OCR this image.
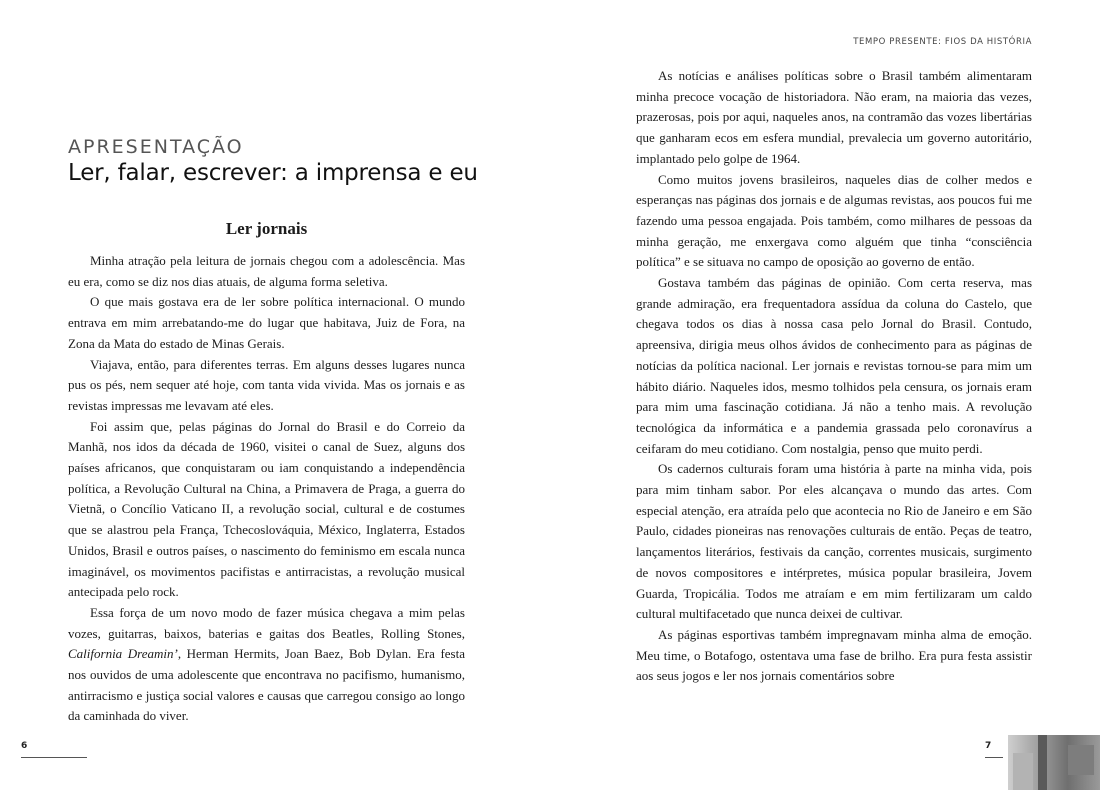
APRESENTAÇÃO
Ler, falar, escrever: a imprensa e eu
Ler jornais

Minha atração pela leitura de jornais chegou com a adolescência. Mas eu era, como se diz nos dias atuais, de alguma forma seletiva.

O que mais gostava era de ler sobre política internacional. O mundo entrava em mim arrebatando-me do lugar que habitava, Juiz de Fora, na Zona da Mata do estado de Minas Gerais.

Viajava, então, para diferentes terras. Em alguns desses lugares nunca pus os pés, nem sequer até hoje, com tanta vida vivida. Mas os jornais e as revistas impressas me levavam até eles.

Foi assim que, pelas páginas do Jornal do Brasil e do Correio da Manhã, nos idos da década de 1960, visitei o canal de Suez, alguns dos países africanos, que conquistaram ou iam conquistando a independência política, a Revolução Cultural na China, a Primavera de Praga, a guerra do Vietnã, o Concílio Vaticano II, a revolução social, cultural e de costumes que se alastrou pela França, Tchecoslováquia, México, Inglaterra, Estados Unidos, Brasil e outros países, o nascimento do feminismo em escala nunca imaginável, os movimentos pacifistas e antirracistas, a revolução musical antecipada pelo rock.

Essa força de um novo modo de fazer música chegava a mim pelas vozes, guitarras, baixos, baterias e gaitas dos Beatles, Rolling Stones, California Dreamin’, Herman Hermits, Joan Baez, Bob Dylan. Era festa nos ouvidos de uma adolescente que encontrava no pacifismo, humanismo, antirracismo e justiça social valores e causas que carregou consigo ao longo da caminhada do viver.

6
TEMPO PRESENTE: FIOS DA HISTÓRIA

As notícias e análises políticas sobre o Brasil também alimentaram minha precoce vocação de historiadora. Não eram, na maioria das vezes, prazerosas, pois por aqui, naqueles anos, na contramão das vozes libertárias que ganharam ecos em esfera mundial, prevalecia um governo autoritário, implantado pelo golpe de 1964.

Como muitos jovens brasileiros, naqueles dias de colher medos e esperanças nas páginas dos jornais e de algumas revistas, aos poucos fui me fazendo uma pessoa engajada. Pois também, como milhares de pessoas da minha geração, me enxergava como alguém que tinha “consciência política” e se situava no campo de oposição ao governo de então.

Gostava também das páginas de opinião. Com certa reserva, mas grande admiração, era frequentadora assídua da coluna do Castelo, que chegava todos os dias à nossa casa pelo Jornal do Brasil. Contudo, apreensiva, dirigia meus olhos ávidos de conhecimento para as páginas de notícias da política nacional. Ler jornais e revistas tornou-se para mim um hábito diário. Naqueles idos, mesmo tolhidos pela censura, os jornais eram para mim uma fascinação cotidiana. Já não a tenho mais. A revolução tecnológica da informática e a pandemia grassada pelo coronavírus a ceifaram do meu cotidiano. Com nostalgia, penso que muito perdi.

Os cadernos culturais foram uma história à parte na minha vida, pois para mim tinham sabor. Por eles alcançava o mundo das artes. Com especial atenção, era atraída pelo que acontecia no Rio de Janeiro e em São Paulo, cidades pioneiras nas renovações culturais de então. Peças de teatro, lançamentos literários, festivais da canção, correntes musicais, surgimento de novos compositores e intérpretes, música popular brasileira, Jovem Guarda, Tropicália. Todos me atraíam e em mim fertilizaram um caldo cultural multifacetado que nunca deixei de cultivar.

As páginas esportivas também impregnavam minha alma de emoção. Meu time, o Botafogo, ostentava uma fase de brilho. Era pura festa assistir aos seus jogos e ler nos jornais comentários sobre

7
